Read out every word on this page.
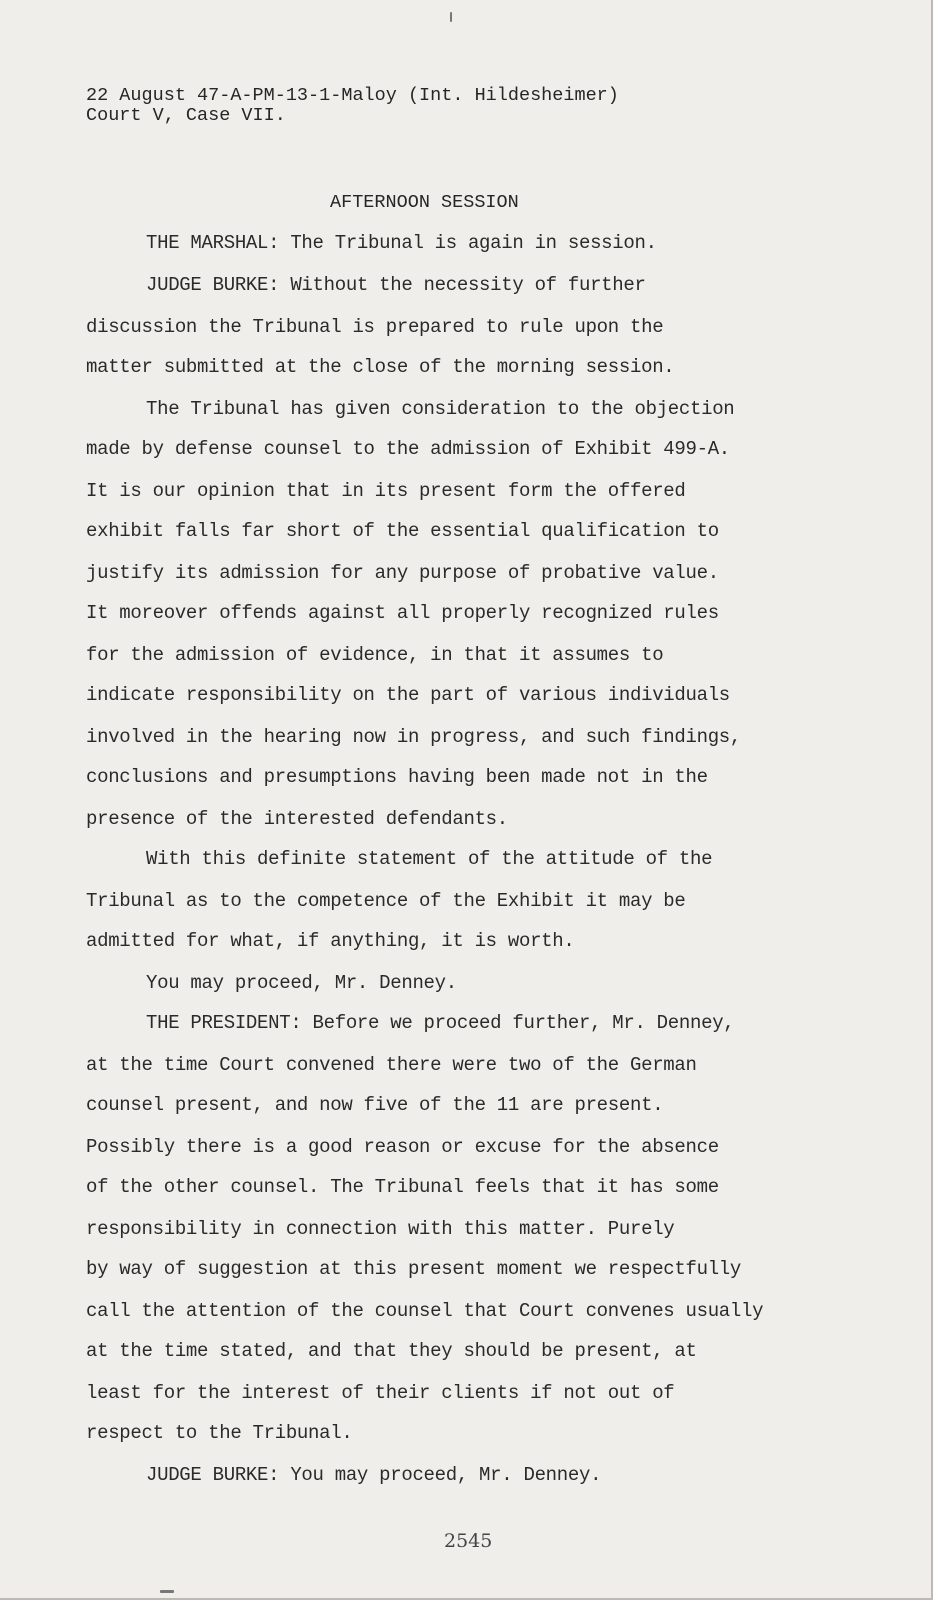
22 August 47-A-PM-13-1-Maloy (Int. Hildesheimer)
Court V, Case VII.
AFTERNOON SESSION
THE MARSHAL: The Tribunal is again in session.
JUDGE BURKE: Without the necessity of further
discussion the Tribunal is prepared to rule upon the
matter submitted at the close of the morning session.
The Tribunal has given consideration to the objection
made by defense counsel to the admission of Exhibit 499-A.
It is our opinion that in its present form the offered
exhibit falls far short of the essential qualification to
justify its admission for any purpose of probative value.
It moreover offends against all properly recognized rules
for the admission of evidence, in that it assumes to
indicate responsibility on the part of various individuals
involved in the hearing now in progress, and such findings,
conclusions and presumptions having been made not in the
presence of the interested defendants.
With this definite statement of the attitude of the
Tribunal as to the competence of the Exhibit it may be
admitted for what, if anything, it is worth.
You may proceed, Mr. Denney.
THE PRESIDENT: Before we proceed further, Mr. Denney,
at the time Court convened there were two of the German
counsel present, and now five of the 11 are present.
Possibly there is a good reason or excuse for the absence
of the other counsel. The Tribunal feels that it has some
responsibility in connection with this matter. Purely
by way of suggestion at this present moment we respectfully
call the attention of the counsel that Court convenes usually
at the time stated, and that they should be present, at
least for the interest of their clients if not out of
respect to the Tribunal.
JUDGE BURKE: You may proceed, Mr. Denney.
2545
